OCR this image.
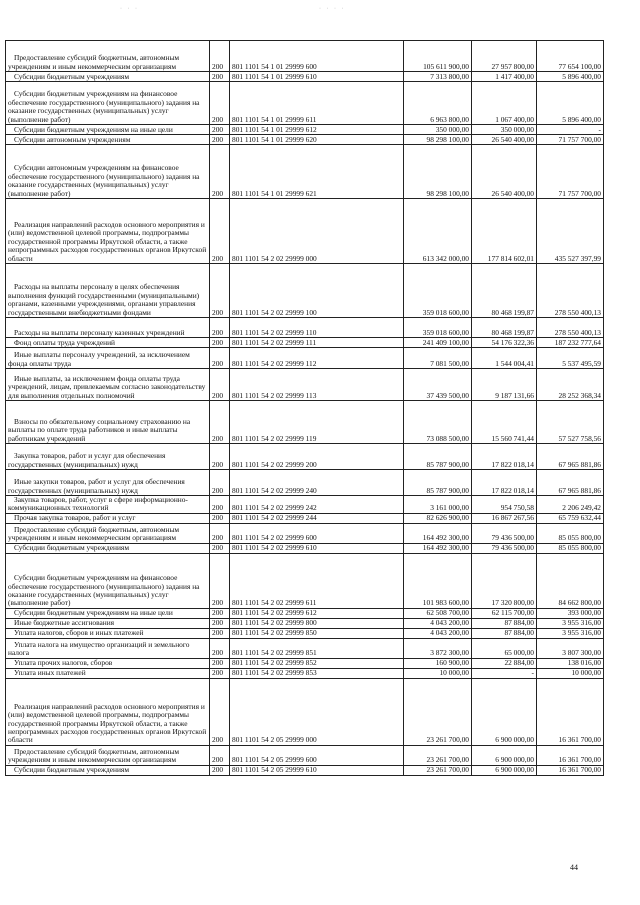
· · ·	· · · ·
Предоставление субсидий бюджетным, автономным учреждениям и иным некоммерческим организациям	200	801 1101 54 1 01 29999 600	105 611 900,00	27 957 800,00	77 654 100,00

Субсидии бюджетным учреждениям	200	801 1101 54 1 01 29999 610	7 313 800,00	1 417 400,00	5 896 400,00

Субсидии бюджетным учреждениям на финансовое обеспечение государственного (муниципального) задания на оказание государственных (муниципальных) услуг (выполнение работ)	200	801 1101 54 1 01 29999 611	6 963 800,00	1 067 400,00	5 896 400,00

Субсидии бюджетным учреждениям на иные цели	200	801 1101 54 1 01 29999 612	350 000,00	350 000,00	-

Субсидии автономным учреждениям	200	801 1101 54 1 01 29999 620	98 298 100,00	26 540 400,00	71 757 700,00

Субсидии автономным учреждениям на финансовое обеспечение государственного (муниципального) задания на оказание государственных (муниципальных) услуг (выполнение работ)	200	801 1101 54 1 01 29999 621	98 298 100,00	26 540 400,00	71 757 700,00

Реализация направлений расходов основного мероприятия и (или) ведомственной целевой программы, подпрограммы государственной программы Иркутской области, а также непрограммных расходов государственных органов Иркутской области	200	801 1101 54 2 02 29999 000	613 342 000,00	177 814 602,01	435 527 397,99

Расходы на выплаты персоналу в целях обеспечения выполнения функций государственными (муниципальными) органами, казенными учреждениями, органами управления государственными внебюджетными фондами	200	801 1101 54 2 02 29999 100	359 018 600,00	80 468 199,87	278 550 400,13

Расходы на выплаты персоналу казенных учреждений	200	801 1101 54 2 02 29999 110	359 018 600,00	80 468 199,87	278 550 400,13

Фонд оплаты труда учреждений	200	801 1101 54 2 02 29999 111	241 409 100,00	54 176 322,36	187 232 777,64

Иные выплаты персоналу учреждений, за исключением фонда оплаты труда	200	801 1101 54 2 02 29999 112	7 081 500,00	1 544 004,41	5 537 495,59

Иные выплаты, за исключением фонда оплаты труда учреждений, лицам, привлекаемым согласно законодательству для выполнения отдельных полномочий	200	801 1101 54 2 02 29999 113	37 439 500,00	9 187 131,66	28 252 368,34

Взносы по обязательному социальному страхованию на выплаты по оплате труда работников и иные выплаты работникам учреждений	200	801 1101 54 2 02 29999 119	73 088 500,00	15 560 741,44	57 527 758,56

Закупка товаров, работ и услуг для обеспечения государственных (муниципальных) нужд	200	801 1101 54 2 02 29999 200	85 787 900,00	17 822 018,14	67 965 881,86

Иные закупки товаров, работ и услуг для обеспечения государственных (муниципальных) нужд	200	801 1101 54 2 02 29999 240	85 787 900,00	17 822 018,14	67 965 881,86

Закупка товаров, работ, услуг в сфере информационно-коммуникационных технологий	200	801 1101 54 2 02 29999 242	3 161 000,00	954 750,58	2 206 249,42

Прочая закупка товаров, работ и услуг	200	801 1101 54 2 02 29999 244	82 626 900,00	16 867 267,56	65 759 632,44

Предоставление субсидий бюджетным, автономным учреждениям и иным некоммерческим организациям	200	801 1101 54 2 02 29999 600	164 492 300,00	79 436 500,00	85 055 800,00

Субсидии бюджетным учреждениям	200	801 1101 54 2 02 29999 610	164 492 300,00	79 436 500,00	85 055 800,00

Субсидии бюджетным учреждениям на финансовое обеспечение государственного (муниципального) задания на оказание государственных (муниципальных) услуг (выполнение работ)	200	801 1101 54 2 02 29999 611	101 983 600,00	17 320 800,00	84 662 800,00

Субсидии бюджетным учреждениям на иные цели	200	801 1101 54 2 02 29999 612	62 508 700,00	62 115 700,00	393 000,00

Иные бюджетные ассигнования	200	801 1101 54 2 02 29999 800	4 043 200,00	87 884,00	3 955 316,00

Уплата налогов, сборов и иных платежей	200	801 1101 54 2 02 29999 850	4 043 200,00	87 884,00	3 955 316,00

Уплата налога на имущество организаций и земельного налога	200	801 1101 54 2 02 29999 851	3 872 300,00	65 000,00	3 807 300,00

Уплата прочих налогов, сборов	200	801 1101 54 2 02 29999 852	160 900,00	22 884,00	138 016,00

Уплата иных платежей	200	801 1101 54 2 02 29999 853	10 000,00	-	10 000,00

Реализация направлений расходов основного мероприятия и (или) ведомственной целевой программы, подпрограммы государственной программы Иркутской области, а также непрограммных расходов государственных органов Иркутской области	200	801 1101 54 2 05 29999 000	23 261 700,00	6 900 000,00	16 361 700,00

Предоставление субсидий бюджетным, автономным учреждениям и иным некоммерческим организациям	200	801 1101 54 2 05 29999 600	23 261 700,00	6 900 000,00	16 361 700,00

Субсидии бюджетным учреждениям	200	801 1101 54 2 05 29999 610	23 261 700,00	6 900 000,00	16 361 700,00
44
